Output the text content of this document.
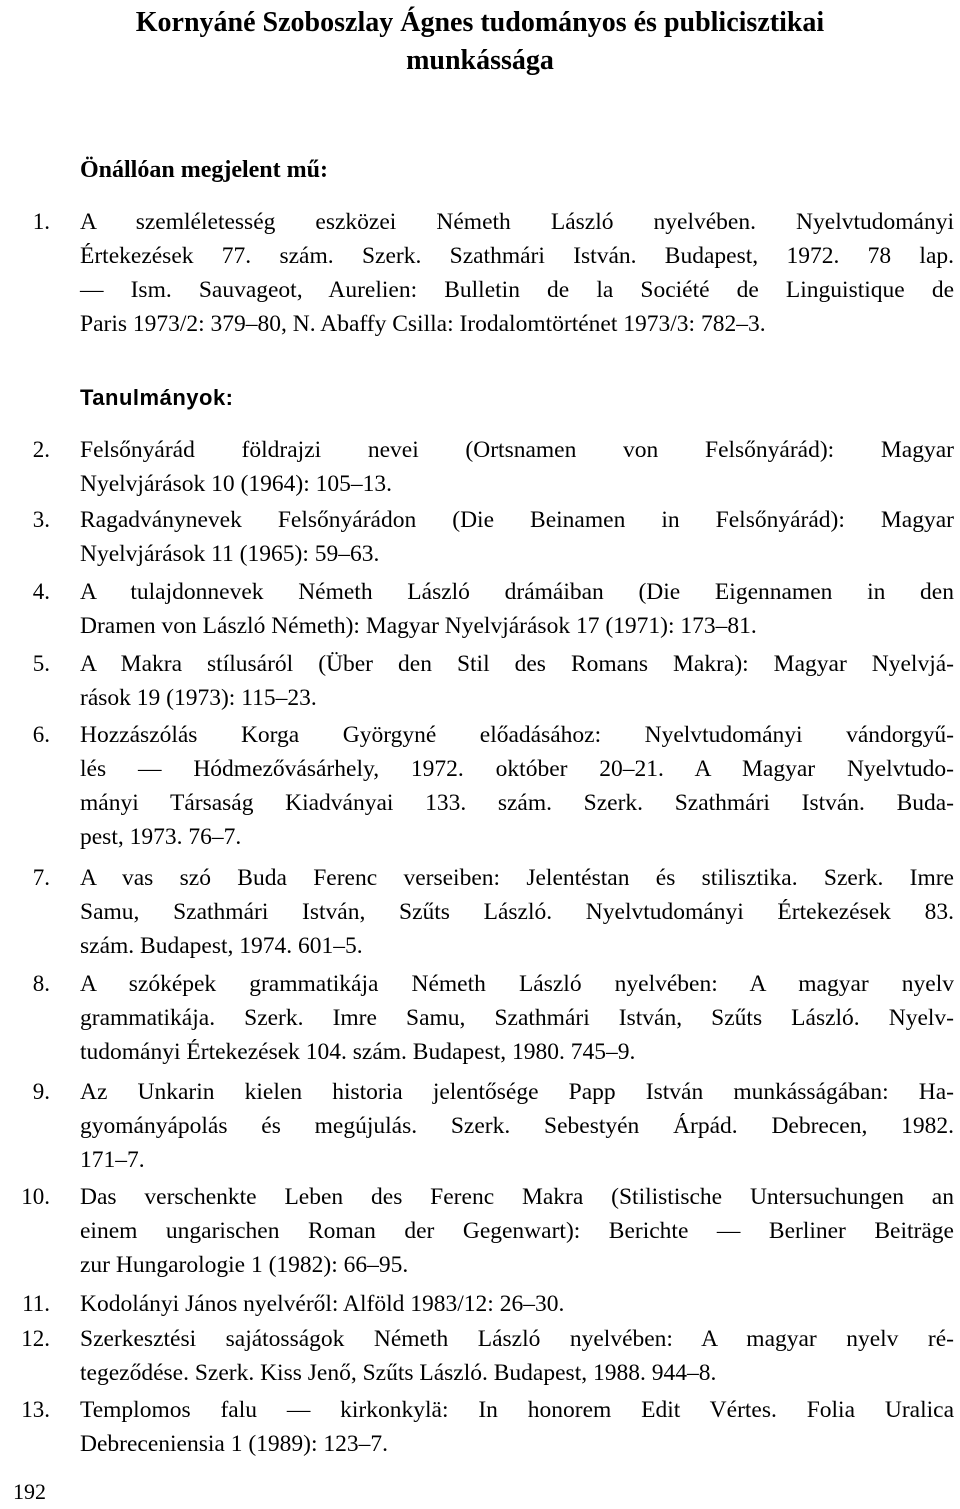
Kornyáné Szoboszlay Ágnes tudományos és publicisztikai
munkássága
Önállóan megjelent mű:
Tanulmányok:
1. A szemléletesség eszközei Németh László nyelvében. Nyelvtudományi
Értekezések 77. szám. Szerk. Szathmári István. Budapest, 1972. 78 lap.
— Ism. Sauvageot, Aurelien: Bulletin de la Société de Linguistique de
Paris 1973/2: 379–80, N. Abaffy Csilla: Irodalomtörténet 1973/3: 782–3.
2. Felsőnyárád földrajzi nevei (Ortsnamen von Felsőnyárád): Magyar
Nyelvjárások 10 (1964): 105–13.
3. Ragadványnevek Felsőnyárádon (Die Beinamen in Felsőnyárád): Magyar
Nyelvjárások 11 (1965): 59–63.
4. A tulajdonnevek Németh László drámáiban (Die Eigennamen in den
Dramen von László Németh): Magyar Nyelvjárások 17 (1971): 173–81.
5. A Makra stílusáról (Über den Stil des Romans Makra): Magyar Nyelvjá-
rások 19 (1973): 115–23.
6. Hozzászólás Korga Györgyné előadásához: Nyelvtudományi vándorgyű-
lés — Hódmezővásárhely, 1972. október 20–21. A Magyar Nyelvtudo-
mányi Társaság Kiadványai 133. szám. Szerk. Szathmári István. Buda-
pest, 1973. 76–7.
7. A vas szó Buda Ferenc verseiben: Jelentéstan és stilisztika. Szerk. Imre
Samu, Szathmári István, Szűts László. Nyelvtudományi Értekezések 83.
szám. Budapest, 1974. 601–5.
8. A szóképek grammatikája Németh László nyelvében: A magyar nyelv
grammatikája. Szerk. Imre Samu, Szathmári István, Szűts László. Nyelv-
tudományi Értekezések 104. szám. Budapest, 1980. 745–9.
9. Az Unkarin kielen historia jelentősége Papp István munkásságában: Ha-
gyományápolás és megújulás. Szerk. Sebestyén Árpád. Debrecen, 1982.
171–7.
10. Das verschenkte Leben des Ferenc Makra (Stilistische Untersuchungen an
einem ungarischen Roman der Gegenwart): Berichte — Berliner Beiträge
zur Hungarologie 1 (1982): 66–95.
11. Kodolányi János nyelvéről: Alföld 1983/12: 26–30.
12. Szerkesztési sajátosságok Németh László nyelvében: A magyar nyelv ré-
tegeződése. Szerk. Kiss Jenő, Szűts László. Budapest, 1988. 944–8.
13. Templomos falu — kirkonkylä: In honorem Edit Vértes. Folia Uralica
Debreceniensia 1 (1989): 123–7.
192
